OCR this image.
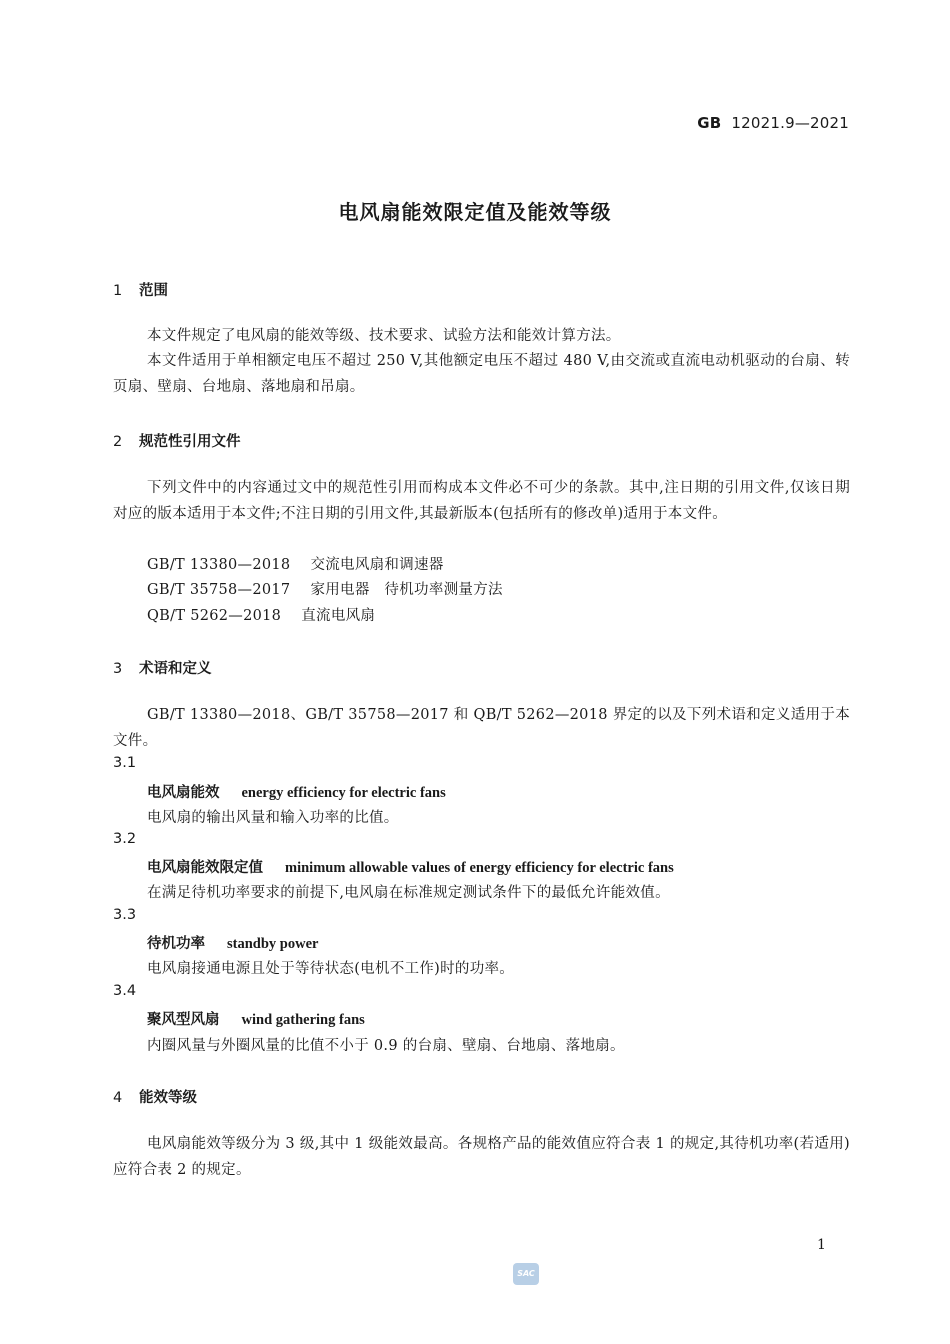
GB 12021.9—2021
电风扇能效限定值及能效等级
1 范围
本文件规定了电风扇的能效等级、技术要求、试验方法和能效计算方法。
本文件适用于单相额定电压不超过 250 V,其他额定电压不超过 480 V,由交流或直流电动机驱动的台扇、转页扇、壁扇、台地扇、落地扇和吊扇。
2 规范性引用文件
下列文件中的内容通过文中的规范性引用而构成本文件必不可少的条款。其中,注日期的引用文件,仅该日期对应的版本适用于本文件;不注日期的引用文件,其最新版本(包括所有的修改单)适用于本文件。
GB/T 13380—2018 交流电风扇和调速器
GB/T 35758—2017 家用电器　待机功率测量方法
QB/T 5262—2018 直流电风扇
3 术语和定义
GB/T 13380—2018、GB/T 35758—2017 和 QB/T 5262—2018 界定的以及下列术语和定义适用于本文件。
3.1
电风扇能效 energy efficiency for electric fans
电风扇的输出风量和输入功率的比值。
3.2
电风扇能效限定值 minimum allowable values of energy efficiency for electric fans
在满足待机功率要求的前提下,电风扇在标准规定测试条件下的最低允许能效值。
3.3
待机功率 standby power
电风扇接通电源且处于等待状态(电机不工作)时的功率。
3.4
聚风型风扇 wind gathering fans
内圈风量与外圈风量的比值不小于 0.9 的台扇、壁扇、台地扇、落地扇。
4 能效等级
电风扇能效等级分为 3 级,其中 1 级能效最高。各规格产品的能效值应符合表 1 的规定,其待机功率(若适用)应符合表 2 的规定。
1
SAC
